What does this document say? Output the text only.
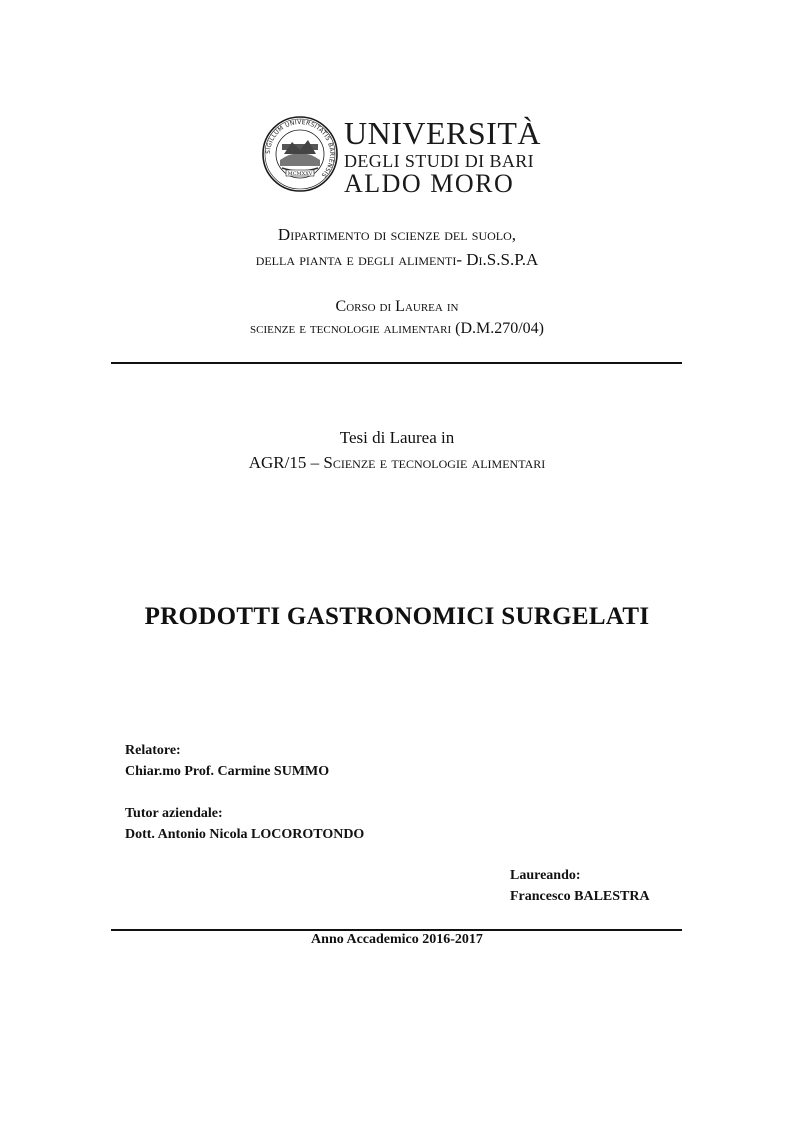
SIGILLUM UNIVERSITATIS BARIENSIS
MCMXXV
UNIVERSITÀ
DEGLI STUDI DI BARI
ALDO MORO
Dipartimento di scienze del suolo,
della pianta e degli alimenti- Di.S.S.P.A
Corso di Laurea in
scienze e tecnologie alimentari (D.M.270/04)
Tesi di Laurea in
AGR/15 – Scienze e tecnologie alimentari
PRODOTTI GASTRONOMICI SURGELATI
Relatore:
Chiar.mo Prof. Carmine SUMMO
Tutor aziendale:
Dott. Antonio Nicola LOCOROTONDO
Laureando:
Francesco BALESTRA
Anno Accademico 2016-2017
